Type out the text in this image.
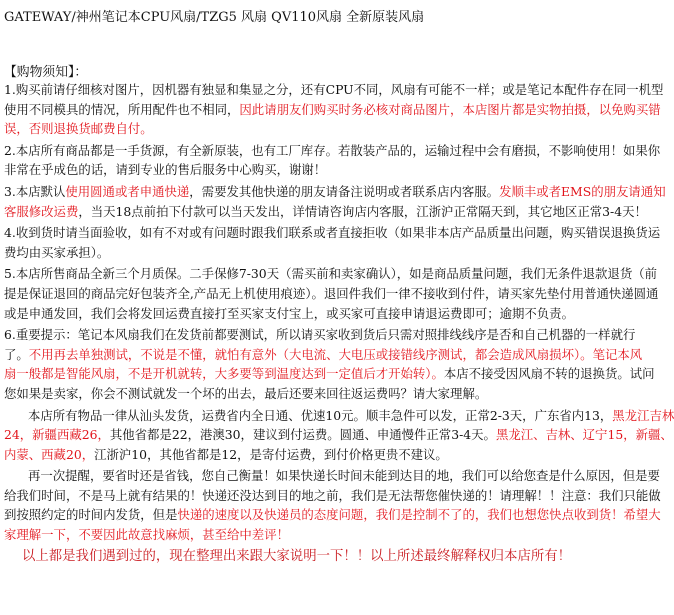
GATEWAY/神州笔记本CPU风扇/TZG5 风扇 QV110风扇 全新原装风扇
【购物须知】：
1.购买前请仔细核对图片，因机器有独显和集显之分，还有CPU不同，风扇有可能不一样；或是笔记本配件存在同一机型
使用不同模具的情况，所用配件也不相同，因此请朋友们购买时务必核对商品图片，本店图片都是实物拍摄，以免购买错
误，否则退换货邮费自付。
2.本店所有商品都是一手货源，有全新原装，也有工厂库存。若散装产品的，运输过程中会有磨损，不影响使用！如果你
非常在乎成色的话，请到专业的售后服务中心购买，谢谢！
3.本店默认使用圆通或者申通快递，需要发其他快递的朋友请备注说明或者联系店内客服。发顺丰或者EMS的朋友请通知
客服修改运费，当天18点前拍下付款可以当天发出，详情请咨询店内客服，江浙沪正常隔天到，其它地区正常3-4天！
4.收到货时请当面验收，如有不对或有问题时跟我们联系或者直接拒收（如果非本店产品质量出问题，购买错误退换货运
费均由买家承担）。
5.本店所售商品全新三个月质保。二手保修7-30天（需买前和卖家确认），如是商品质量问题，我们无条件退款退货（前
提是保证退回的商品完好包装齐全,产品无上机使用痕迹）。退回件我们一律不接收到付件，请买家先垫付用普通快递圆通
或是申通发回，我们会将发回运费直接打至买家支付宝上，或买家可直接申请退运费即可；逾期不负责。
6.重要提示：笔记本风扇我们在发货前都要测试，所以请买家收到货后只需对照排线线序是否和自己机器的一样就行
了。不用再去单独测试，不说是不懂，就怕有意外（大电流、大电压或接错线序测试，都会造成风扇损坏）。笔记本风
扇一般都是智能风扇，不是开机就转，大多要等到温度达到一定值后才开始转）。本店不接受因风扇不转的退换货。试问
您如果是卖家，你会不测试就发一个坏的出去，最后还要来回往返运费吗？请大家理解。
本店所有物品一律从汕头发货，运费省内全日通、优速10元。顺丰急件可以发，正常2-3天，广东省内13，黑龙江吉林
24，新疆西藏26，其他省都是22，港澳30，建议到付运费。圆通、申通慢件正常3-4天。黑龙江、吉林、辽宁15，新疆、
内蒙、西藏20，江浙沪10，其他省都是12，是寄付运费，到付价格更贵不建议。
再一次提醒，要省时还是省钱，您自己衡量！如果快递长时间未能到达目的地，我们可以给您查是什么原因，但是要
给我们时间，不是马上就有结果的！快递还没达到目的地之前，我们是无法帮您催快递的！请理解！！注意：我们只能做
到按照约定的时间内发货，但是快递的速度以及快递员的态度问题，我们是控制不了的，我们也想您快点收到货！希望大
家理解一下，不要因此故意找麻烦，甚至给中差评！
以上都是我们遇到过的，现在整理出来跟大家说明一下！！以上所述最终解释权归本店所有！
